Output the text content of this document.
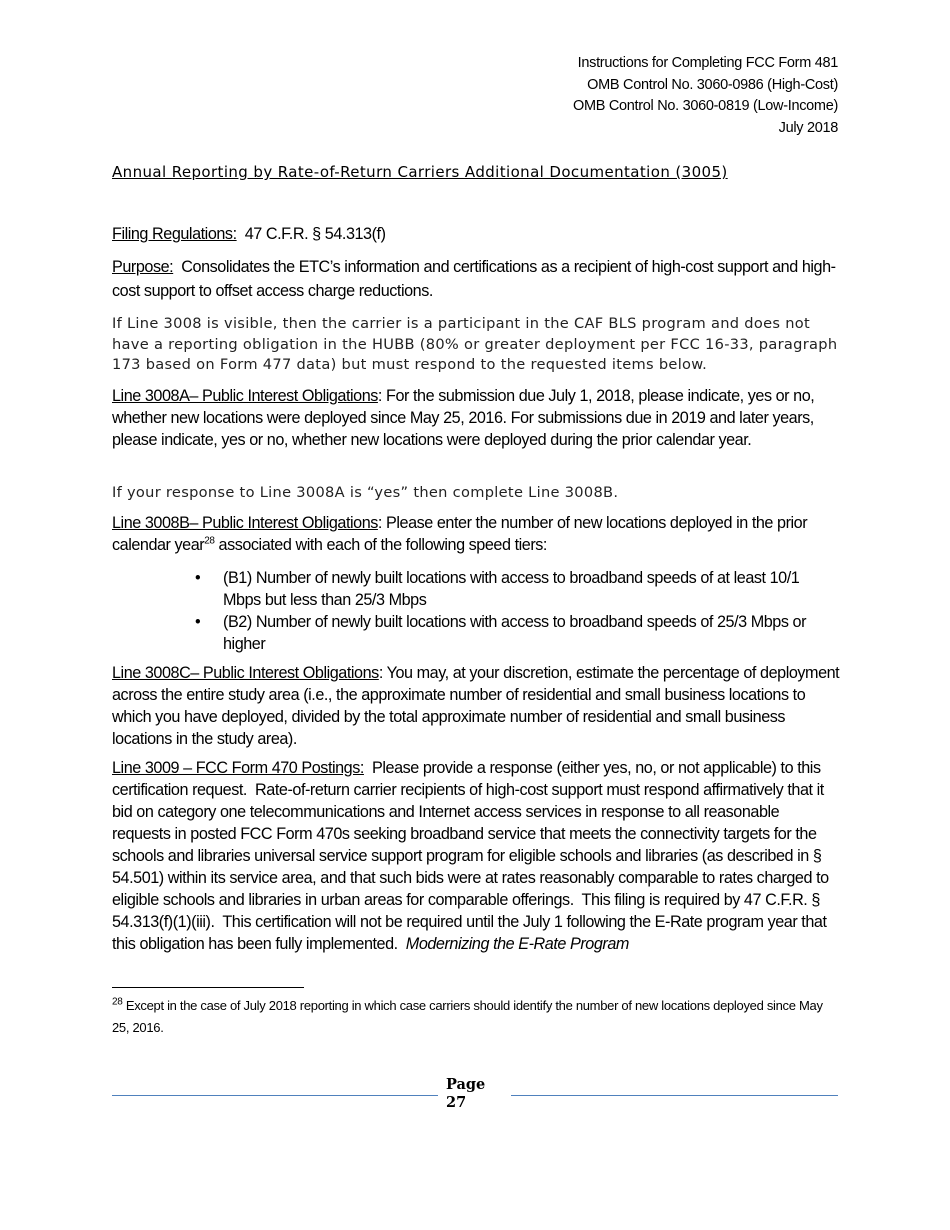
Instructions for Completing FCC Form 481
OMB Control No. 3060-0986 (High-Cost)
OMB Control No. 3060-0819 (Low-Income)
July 2018
Annual Reporting by Rate-of-Return Carriers Additional Documentation (3005)

Filing Regulations:  47 C.F.R. § 54.313(f)

Purpose:  Consolidates the ETC’s information and certifications as a recipient of high-cost support and high-cost support to offset access charge reductions.

If Line 3008 is visible, then the carrier is a participant in the CAF BLS program and does not have a reporting obligation in the HUBB (80% or greater deployment per FCC 16-33, paragraph 173 based on Form 477 data) but must respond to the requested items below.

Line 3008A– Public Interest Obligations: For the submission due July 1, 2018, please indicate, yes or no, whether new locations were deployed since May 25, 2016. For submissions due in 2019 and later years, please indicate, yes or no, whether new locations were deployed during the prior calendar year.

If your response to Line 3008A is “yes” then complete Line 3008B.

Line 3008B– Public Interest Obligations: Please enter the number of new locations deployed in the prior calendar year$^{28}$ associated with each of the following speed tiers:

• (B1) Number of newly built locations with access to broadband speeds of at least 10/1 Mbps but less than 25/3 Mbps
• (B2) Number of newly built locations with access to broadband speeds of 25/3 Mbps or higher

Line 3008C– Public Interest Obligations: You may, at your discretion, estimate the percentage of deployment across the entire study area (i.e., the approximate number of residential and small business locations to which you have deployed, divided by the total approximate number of residential and small business locations in the study area).

Line 3009 – FCC Form 470 Postings:  Please provide a response (either yes, no, or not applicable) to this certification request.  Rate-of-return carrier recipients of high-cost support must respond affirmatively that it bid on category one telecommunications and Internet access services in response to all reasonable requests in posted FCC Form 470s seeking broadband service that meets the connectivity targets for the schools and libraries universal service support program for eligible schools and libraries (as described in § 54.501) within its service area, and that such bids were at rates reasonably comparable to rates charged to eligible schools and libraries in urban areas for comparable offerings.  This filing is required by 47 C.F.R. § 54.313(f)(1)(iii).  This certification will not be required until the July 1 following the E-Rate program year that this obligation has been fully implemented.  Modernizing the E-Rate Program

$^{28}$ Except in the case of July 2018 reporting in which case carriers should identify the number of new locations deployed since May 25, 2016.
Page
27
